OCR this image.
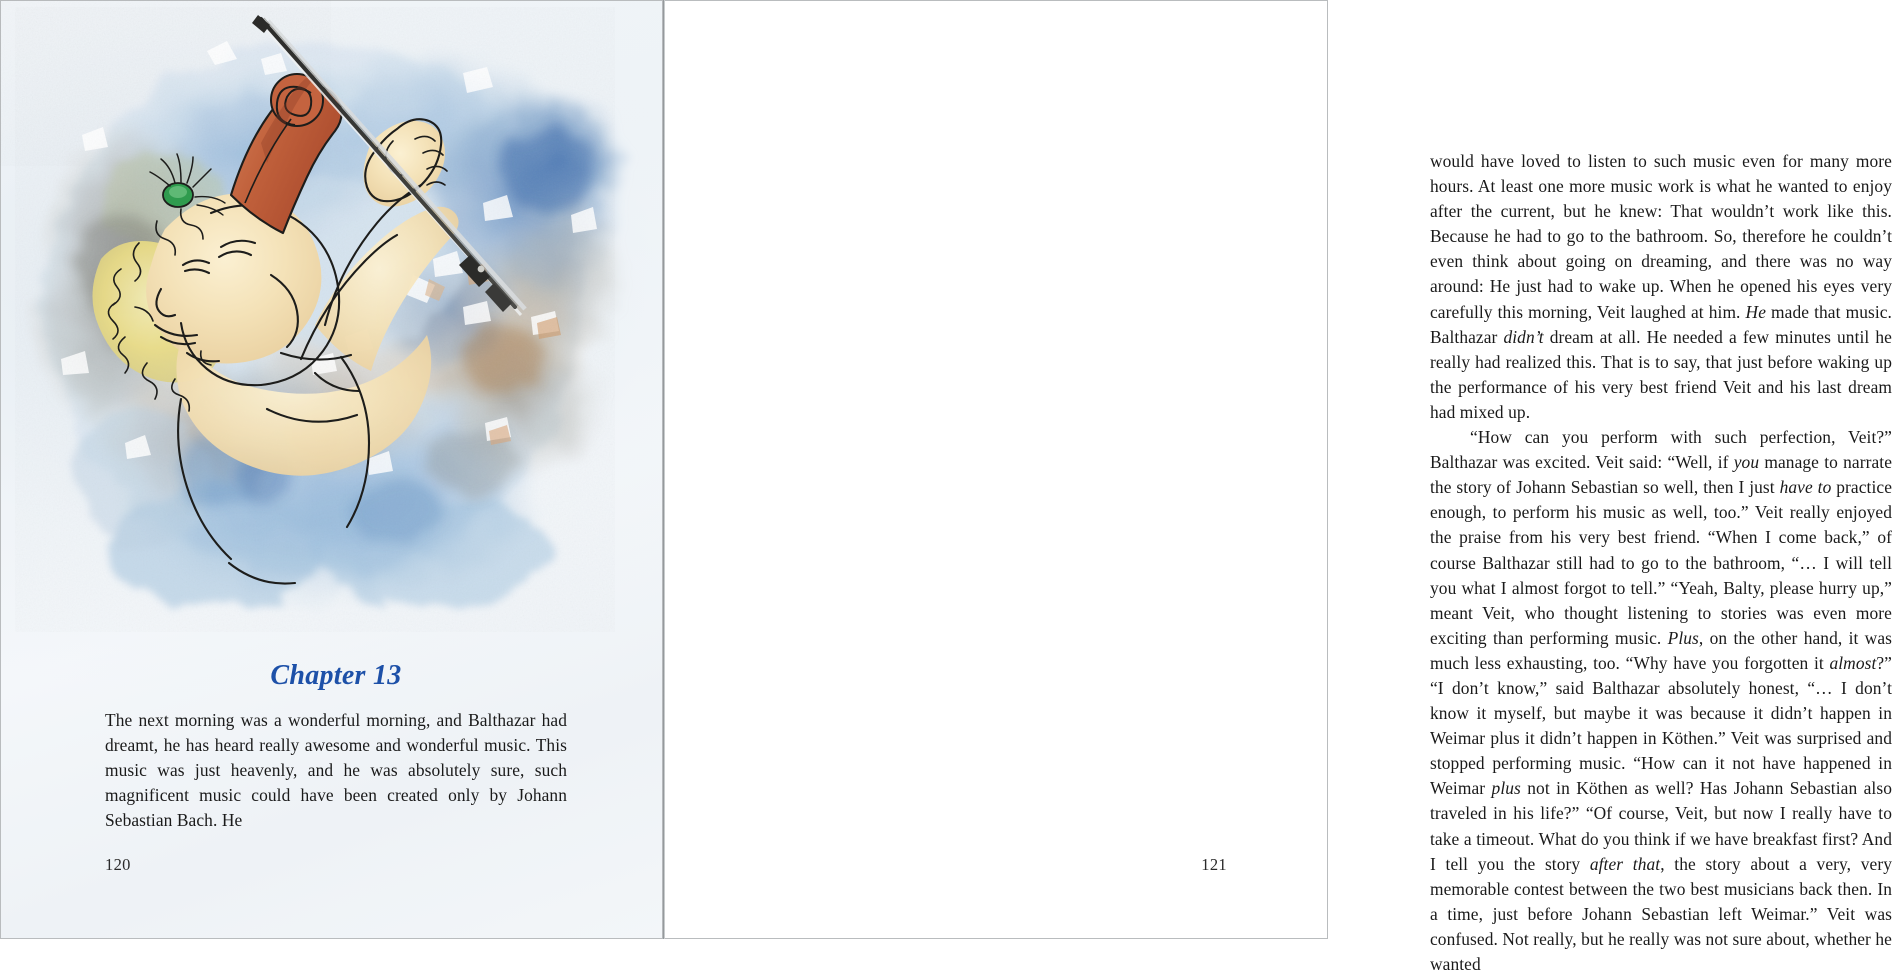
Chapter 13

The next morning was a wonderful morning, and Balthazar had dreamt, he has heard really awesome and wonderful music. This music was just heavenly, and he was absolutely sure, such magnificent music could have been created only by Johann Sebastian Bach. He

120

would have loved to listen to such music even for many more hours. At least one more music work is what he wanted to enjoy after the current, but he knew: That wouldn’t work like this. Because he had to go to the bathroom. So, therefore he couldn’t even think about going on dreaming, and there was no way around: He just had to wake up. When he opened his eyes very carefully this morning, Veit laughed at him. He made that music. Balthazar didn’t dream at all. He needed a few minutes until he really had realized this. That is to say, that just before waking up the performance of his very best friend Veit and his last dream had mixed up.

“How can you perform with such perfection, Veit?” Balthazar was excited. Veit said: “Well, if you manage to narrate the story of Johann Sebastian so well, then I just have to practice enough, to perform his music as well, too.” Veit really enjoyed the praise from his very best friend. “When I come back,” of course Balthazar still had to go to the bathroom, “… I will tell you what I almost forgot to tell.” “Yeah, Balty, please hurry up,” meant Veit, who thought listening to stories was even more exciting than performing music. Plus, on the other hand, it was much less exhausting, too. “Why have you forgotten it almost?” “I don’t know,” said Balthazar absolutely honest, “… I don’t know it myself, but maybe it was because it didn’t happen in Weimar plus it didn’t happen in Köthen.” Veit was surprised and stopped performing music. “How can it not have happened in Weimar plus not in Köthen as well? Has Johann Sebastian also traveled in his life?” “Of course, Veit, but now I really have to take a timeout. What do you think if we have breakfast first? And I tell you the story after that, the story about a very, very memorable contest between the two best musicians back then. In a time, just before Johann Sebastian left Weimar.” Veit was confused. Not really, but he really was not sure about, whether he wanted

121
